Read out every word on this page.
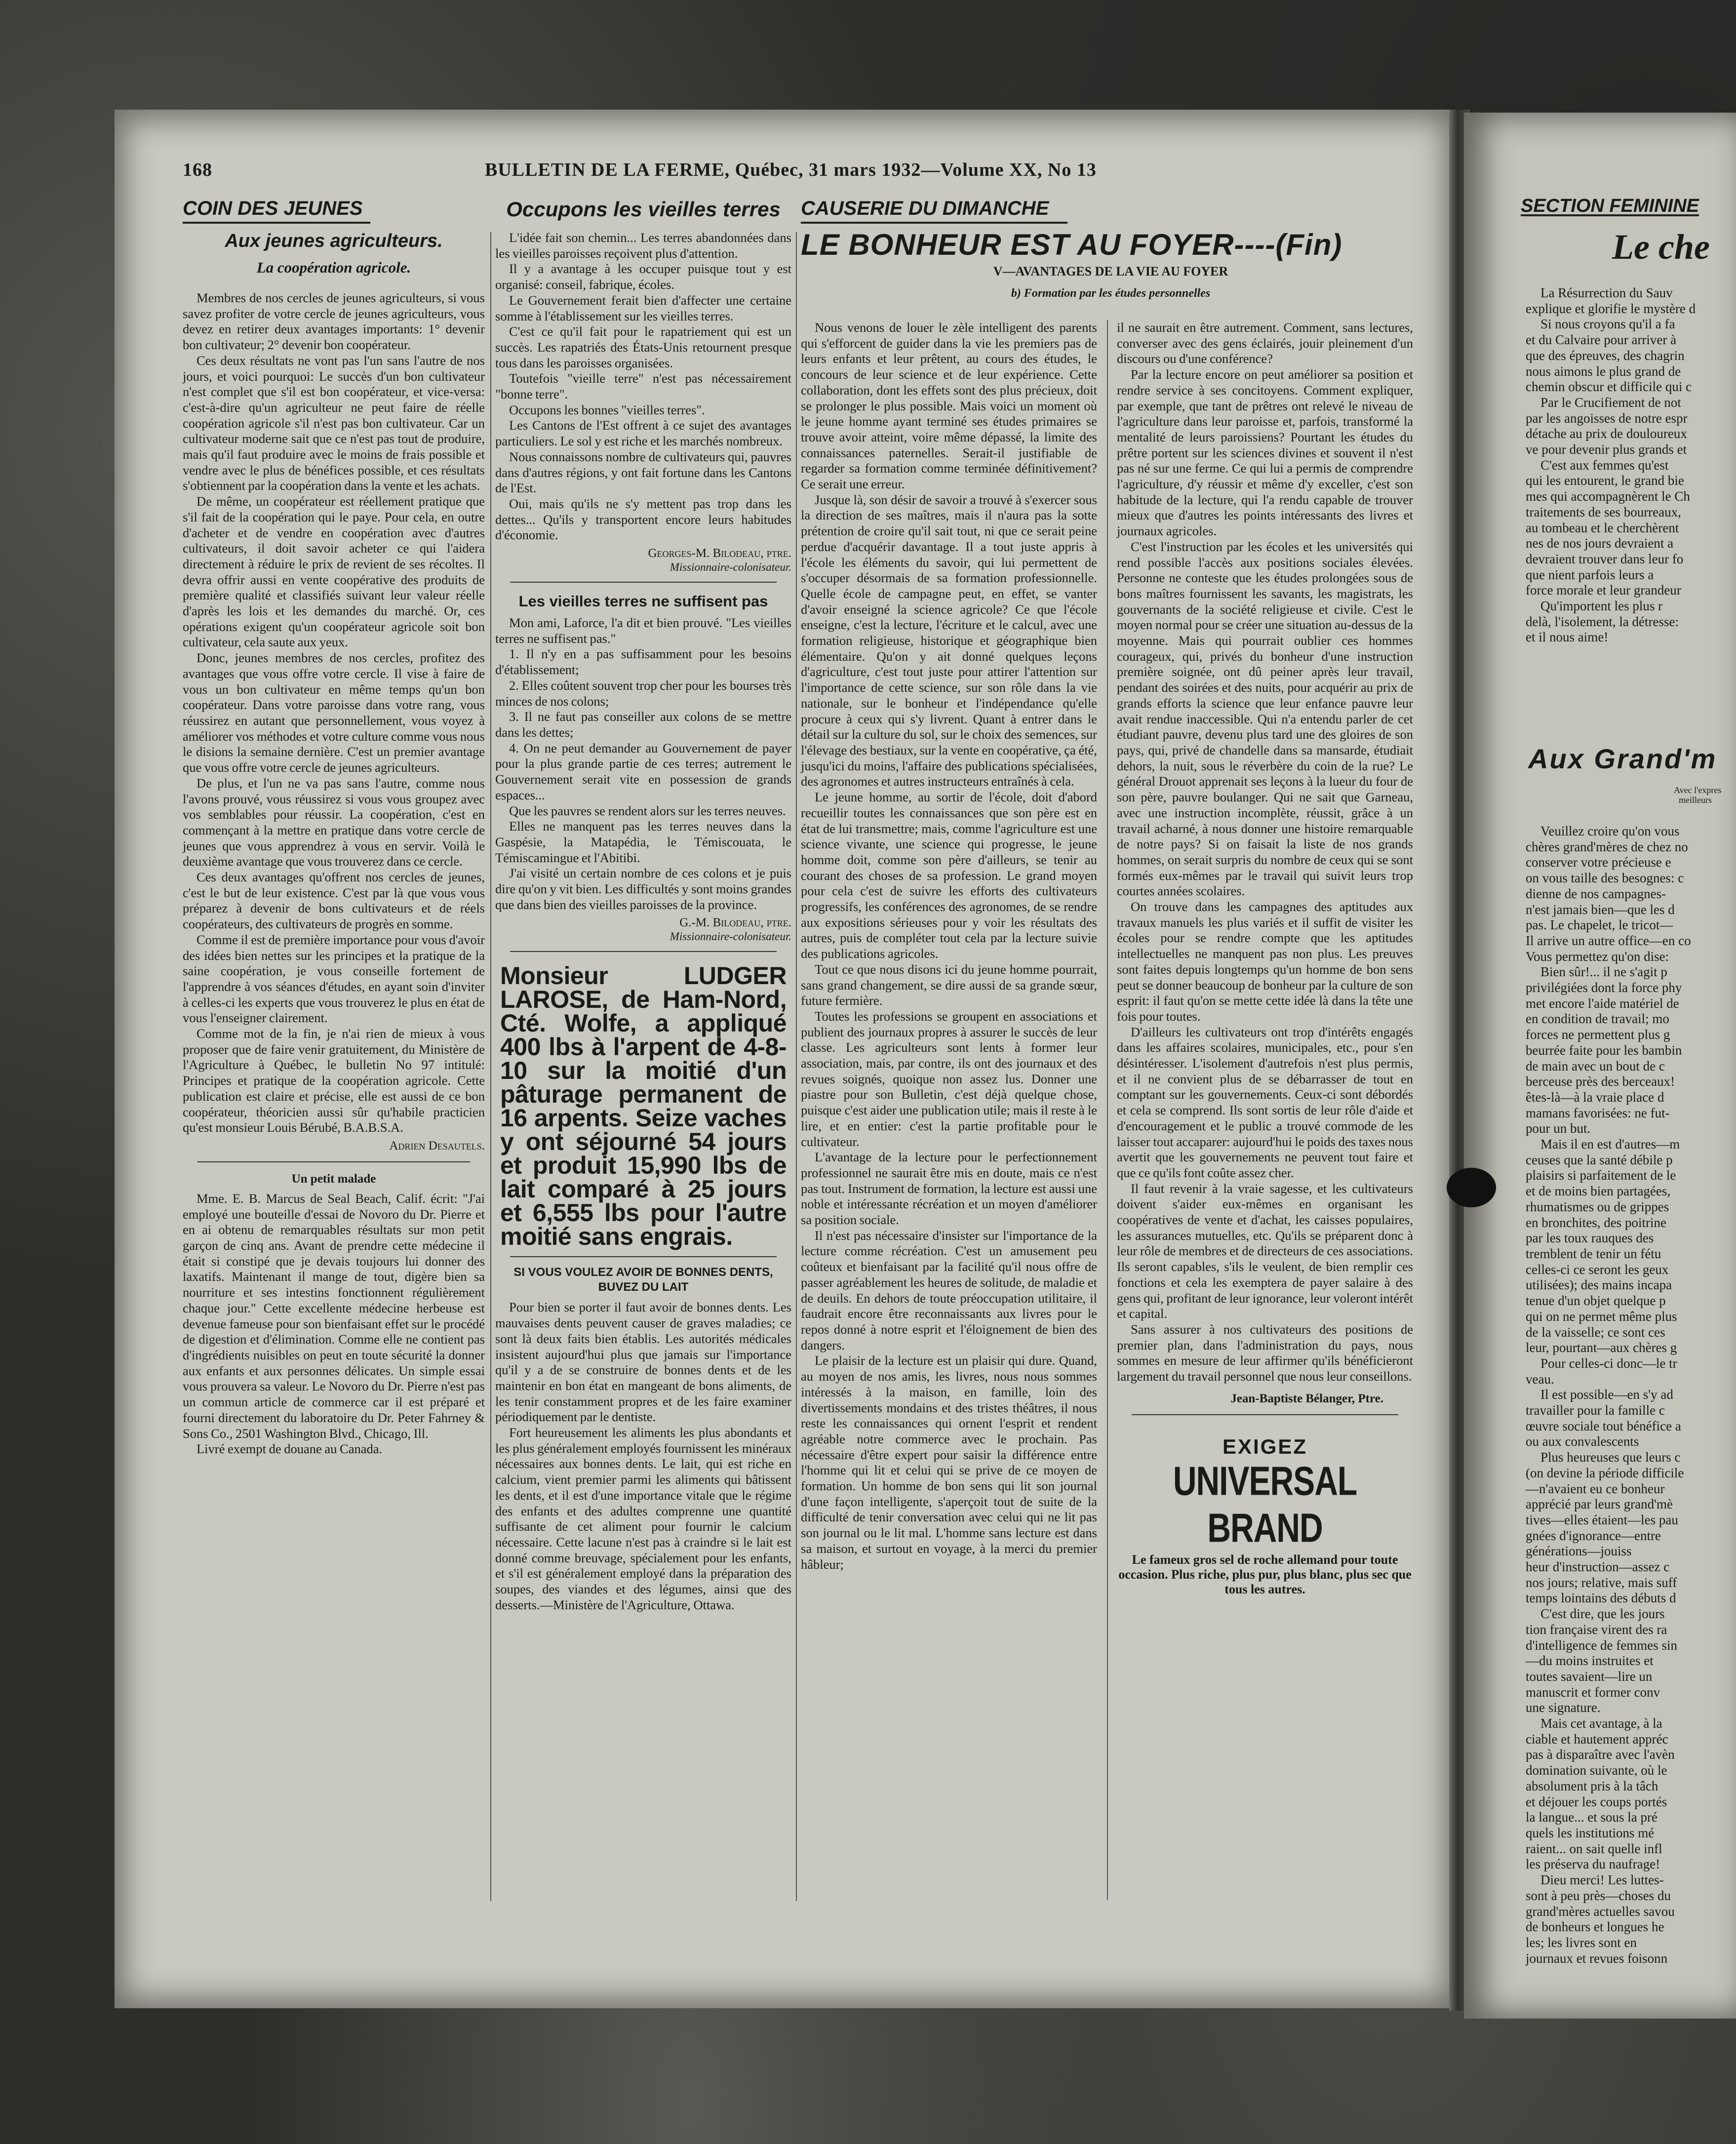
168	BULLETIN DE LA FERME, Québec, 31 mars 1932—Volume XX, No 13
COIN DES JEUNES
Aux jeunes agriculteurs.
La coopération agricole.

Membres de nos cercles de jeunes agriculteurs, si vous savez profiter de votre cercle de jeunes agriculteurs, vous devez en retirer deux avantages importants: 1° devenir bon cultivateur; 2° devenir bon coopérateur.

Ces deux résultats ne vont pas l'un sans l'autre de nos jours, et voici pourquoi: Le succès d'un bon cultivateur n'est complet que s'il est bon coopérateur, et vice-versa: c'est-à-dire qu'un agriculteur ne peut faire de réelle coopération agricole s'il n'est pas bon cultivateur. Car un cultivateur moderne sait que ce n'est pas tout de produire, mais qu'il faut produire avec le moins de frais possible et vendre avec le plus de bénéfices possible, et ces résultats s'obtiennent par la coopération dans la vente et les achats.

De même, un coopérateur est réellement pratique que s'il fait de la coopération qui le paye. Pour cela, en outre d'acheter et de vendre en coopération avec d'autres cultivateurs, il doit savoir acheter ce qui l'aidera directement à réduire le prix de revient de ses récoltes. Il devra offrir aussi en vente coopérative des produits de première qualité et classifiés suivant leur valeur réelle d'après les lois et les demandes du marché. Or, ces opérations exigent qu'un coopérateur agricole soit bon cultivateur, cela saute aux yeux.

Donc, jeunes membres de nos cercles, profitez des avantages que vous offre votre cercle. Il vise à faire de vous un bon cultivateur en même temps qu'un bon coopérateur. Dans votre paroisse dans votre rang, vous réussirez en autant que personnellement, vous voyez à améliorer vos méthodes et votre culture comme vous nous le disions la semaine dernière. C'est un premier avantage que vous offre votre cercle de jeunes agriculteurs.

De plus, et l'un ne va pas sans l'autre, comme nous l'avons prouvé, vous réussirez si vous vous groupez avec vos semblables pour réussir. La coopération, c'est en commençant à la mettre en pratique dans votre cercle de jeunes que vous apprendrez à vous en servir. Voilà le deuxième avantage que vous trouverez dans ce cercle.

Ces deux avantages qu'offrent nos cercles de jeunes, c'est le but de leur existence. C'est par là que vous vous préparez à devenir de bons cultivateurs et de réels coopérateurs, des cultivateurs de progrès en somme.

Comme il est de première importance pour vous d'avoir des idées bien nettes sur les principes et la pratique de la saine coopération, je vous conseille fortement de l'apprendre à vos séances d'études, en ayant soin d'inviter à celles-ci les experts que vous trouverez le plus en état de vous l'enseigner clairement.

Comme mot de la fin, je n'ai rien de mieux à vous proposer que de faire venir gratuitement, du Ministère de l'Agriculture à Québec, le bulletin No 97 intitulé: Principes et pratique de la coopération agricole. Cette publication est claire et précise, elle est aussi de ce bon coopérateur, théoricien aussi sûr qu'habile practicien qu'est monsieur Louis Bérubé, B.A.B.S.A.

Adrien Desautels.
Un petit malade

Mme. E. B. Marcus de Seal Beach, Calif. écrit: "J'ai employé une bouteille d'essai de Novoro du Dr. Pierre et en ai obtenu de remarquables résultats sur mon petit garçon de cinq ans. Avant de prendre cette médecine il était si constipé que je devais toujours lui donner des laxatifs. Maintenant il mange de tout, digère bien sa nourriture et ses intestins fonctionnent régulièrement chaque jour." Cette excellente médecine herbeuse est devenue fameuse pour son bienfaisant effet sur le procédé de digestion et d'élimination. Comme elle ne contient pas d'ingrédients nuisibles on peut en toute sécurité la donner aux enfants et aux personnes délicates. Un simple essai vous prouvera sa valeur. Le Novoro du Dr. Pierre n'est pas un commun article de commerce car il est préparé et fourni directement du laboratoire du Dr. Peter Fahrney & Sons Co., 2501 Washington Blvd., Chicago, Ill.

Livré exempt de douane au Canada.

Occupons les vieilles terres

L'idée fait son chemin... Les terres abandonnées dans les vieilles paroisses reçoivent plus d'attention.

Il y a avantage à les occuper puisque tout y est organisé: conseil, fabrique, écoles.

Le Gouvernement ferait bien d'affecter une certaine somme à l'établissement sur les vieilles terres.

C'est ce qu'il fait pour le rapatriement qui est un succès. Les rapatriés des États-Unis retournent presque tous dans les paroisses organisées.

Toutefois "vieille terre" n'est pas nécessairement "bonne terre".

Occupons les bonnes "vieilles terres".

Les Cantons de l'Est offrent à ce sujet des avantages particuliers. Le sol y est riche et les marchés nombreux.

Nous connaissons nombre de cultivateurs qui, pauvres dans d'autres régions, y ont fait fortune dans les Cantons de l'Est.

Oui, mais qu'ils ne s'y mettent pas trop dans les dettes... Qu'ils y transportent encore leurs habitudes d'économie.

Georges-M. Bilodeau, ptre.
Missionnaire-colonisateur.
Les vieilles terres ne suffisent pas

Mon ami, Laforce, l'a dit et bien prouvé. "Les vieilles terres ne suffisent pas."

1. Il n'y en a pas suffisamment pour les besoins d'établissement;

2. Elles coûtent souvent trop cher pour les bourses très minces de nos colons;

3. Il ne faut pas conseiller aux colons de se mettre dans les dettes;

4. On ne peut demander au Gouvernement de payer pour la plus grande partie de ces terres; autrement le Gouvernement serait vite en possession de grands espaces...

Que les pauvres se rendent alors sur les terres neuves.

Elles ne manquent pas les terres neuves dans la Gaspésie, la Matapédia, le Témiscouata, le Témiscamingue et l'Abitibi.

J'ai visité un certain nombre de ces colons et je puis dire qu'on y vit bien. Les difficultés y sont moins grandes que dans bien des vieilles paroisses de la province.

G.-M. Bilodeau, ptre.
Missionnaire-colonisateur.
Monsieur LUDGER LAROSE, de Ham-Nord, Cté. Wolfe, a appliqué 400 lbs à l'arpent de 4-8-10 sur la moitié d'un pâturage permanent de 16 arpents. Seize vaches y ont séjourné 54 jours et produit 15,990 lbs de lait comparé à 25 jours et 6,555 lbs pour l'autre moitié sans engrais.
SI VOUS VOULEZ AVOIR DE BONNES DENTS, BUVEZ DU LAIT

Pour bien se porter il faut avoir de bonnes dents. Les mauvaises dents peuvent causer de graves maladies; ce sont là deux faits bien établis. Les autorités médicales insistent aujourd'hui plus que jamais sur l'importance qu'il y a de se construire de bonnes dents et de les maintenir en bon état en mangeant de bons aliments, de les tenir constamment propres et de les faire examiner périodiquement par le dentiste.

Fort heureusement les aliments les plus abondants et les plus généralement employés fournissent les minéraux nécessaires aux bonnes dents. Le lait, qui est riche en calcium, vient premier parmi les aliments qui bâtissent les dents, et il est d'une importance vitale que le régime des enfants et des adultes comprenne une quantité suffisante de cet aliment pour fournir le calcium nécessaire. Cette lacune n'est pas à craindre si le lait est donné comme breuvage, spécialement pour les enfants, et s'il est généralement employé dans la préparation des soupes, des viandes et des légumes, ainsi que des desserts.—Ministère de l'Agriculture, Ottawa.

CAUSERIE DU DIMANCHE
LE BONHEUR EST AU FOYER----(Fin)
V—AVANTAGES DE LA VIE AU FOYER
b) Formation par les études personnelles

Nous venons de louer le zèle intelligent des parents qui s'efforcent de guider dans la vie les premiers pas de leurs enfants et leur prêtent, au cours des études, le concours de leur science et de leur expérience. Cette collaboration, dont les effets sont des plus précieux, doit se prolonger le plus possible. Mais voici un moment où le jeune homme ayant terminé ses études primaires se trouve avoir atteint, voire même dépassé, la limite des connaissances paternelles. Serait-il justifiable de regarder sa formation comme terminée définitivement? Ce serait une erreur.

Jusque là, son désir de savoir a trouvé à s'exercer sous la direction de ses maîtres, mais il n'aura pas la sotte prétention de croire qu'il sait tout, ni que ce serait peine perdue d'acquérir davantage. Il a tout juste appris à l'école les éléments du savoir, qui lui permettent de s'occuper désormais de sa formation professionnelle. Quelle école de campagne peut, en effet, se vanter d'avoir enseigné la science agricole? Ce que l'école enseigne, c'est la lecture, l'écriture et le calcul, avec une formation religieuse, historique et géographique bien élémentaire. Qu'on y ait donné quelques leçons d'agriculture, c'est tout juste pour attirer l'attention sur l'importance de cette science, sur son rôle dans la vie nationale, sur le bonheur et l'indépendance qu'elle procure à ceux qui s'y livrent. Quant à entrer dans le détail sur la culture du sol, sur le choix des semences, sur l'élevage des bestiaux, sur la vente en coopérative, ça été, jusqu'ici du moins, l'affaire des publications spécialisées, des agronomes et autres instructeurs entraînés à cela.

Le jeune homme, au sortir de l'école, doit d'abord recueillir toutes les connaissances que son père est en état de lui transmettre; mais, comme l'agriculture est une science vivante, une science qui progresse, le jeune homme doit, comme son père d'ailleurs, se tenir au courant des choses de sa profession. Le grand moyen pour cela c'est de suivre les efforts des cultivateurs progressifs, les conférences des agronomes, de se rendre aux expositions sérieuses pour y voir les résultats des autres, puis de compléter tout cela par la lecture suivie des publications agricoles.

Tout ce que nous disons ici du jeune homme pourrait, sans grand changement, se dire aussi de sa grande sœur, future fermière.

Toutes les professions se groupent en associations et publient des journaux propres à assurer le succès de leur classe. Les agriculteurs sont lents à former leur association, mais, par contre, ils ont des journaux et des revues soignés, quoique non assez lus. Donner une piastre pour son Bulletin, c'est déjà quelque chose, puisque c'est aider une publication utile; mais il reste à le lire, et en entier: c'est la partie profitable pour le cultivateur.

L'avantage de la lecture pour le perfectionnement professionnel ne saurait être mis en doute, mais ce n'est pas tout. Instrument de formation, la lecture est aussi une noble et intéressante récréation et un moyen d'améliorer sa position sociale.

Il n'est pas nécessaire d'insister sur l'importance de la lecture comme récréation. C'est un amusement peu coûteux et bienfaisant par la facilité qu'il nous offre de passer agréablement les heures de solitude, de maladie et de deuils. En dehors de toute préoccupation utilitaire, il faudrait encore être reconnaissants aux livres pour le repos donné à notre esprit et l'éloignement de bien des dangers.

Le plaisir de la lecture est un plaisir qui dure. Quand, au moyen de nos amis, les livres, nous nous sommes intéressés à la maison, en famille, loin des divertissements mondains et des tristes théâtres, il nous reste les connaissances qui ornent l'esprit et rendent agréable notre commerce avec le prochain. Pas nécessaire d'être expert pour saisir la différence entre l'homme qui lit et celui qui se prive de ce moyen de formation. Un homme de bon sens qui lit son journal d'une façon intelligente, s'aperçoit tout de suite de la difficulté de tenir conversation avec celui qui ne lit pas son journal ou le lit mal. L'homme sans lecture est dans sa maison, et surtout en voyage, à la merci du premier hâbleur;

il ne saurait en être autrement. Comment, sans lectures, converser avec des gens éclairés, jouir pleinement d'un discours ou d'une conférence?

Par la lecture encore on peut améliorer sa position et rendre service à ses concitoyens. Comment expliquer, par exemple, que tant de prêtres ont relevé le niveau de l'agriculture dans leur paroisse et, parfois, transformé la mentalité de leurs paroissiens? Pourtant les études du prêtre portent sur les sciences divines et souvent il n'est pas né sur une ferme. Ce qui lui a permis de comprendre l'agriculture, d'y réussir et même d'y exceller, c'est son habitude de la lecture, qui l'a rendu capable de trouver mieux que d'autres les points intéressants des livres et journaux agricoles.

C'est l'instruction par les écoles et les universités qui rend possible l'accès aux positions sociales élevées. Personne ne conteste que les études prolongées sous de bons maîtres fournissent les savants, les magistrats, les gouvernants de la société religieuse et civile. C'est le moyen normal pour se créer une situation au-dessus de la moyenne. Mais qui pourrait oublier ces hommes courageux, qui, privés du bonheur d'une instruction première soignée, ont dû peiner après leur travail, pendant des soirées et des nuits, pour acquérir au prix de grands efforts la science que leur enfance pauvre leur avait rendue inaccessible. Qui n'a entendu parler de cet étudiant pauvre, devenu plus tard une des gloires de son pays, qui, privé de chandelle dans sa mansarde, étudiait dehors, la nuit, sous le réverbère du coin de la rue? Le général Drouot apprenait ses leçons à la lueur du four de son père, pauvre boulanger. Qui ne sait que Garneau, avec une instruction incomplète, réussit, grâce à un travail acharné, à nous donner une histoire remarquable de notre pays? Si on faisait la liste de nos grands hommes, on serait surpris du nombre de ceux qui se sont formés eux-mêmes par le travail qui suivit leurs trop courtes années scolaires.

On trouve dans les campagnes des aptitudes aux travaux manuels les plus variés et il suffit de visiter les écoles pour se rendre compte que les aptitudes intellectuelles ne manquent pas non plus. Les preuves sont faites depuis longtemps qu'un homme de bon sens peut se donner beaucoup de bonheur par la culture de son esprit: il faut qu'on se mette cette idée là dans la tête une fois pour toutes.

D'ailleurs les cultivateurs ont trop d'intérêts engagés dans les affaires scolaires, municipales, etc., pour s'en désintéresser. L'isolement d'autrefois n'est plus permis, et il ne convient plus de se débarrasser de tout en comptant sur les gouvernements. Ceux-ci sont débordés et cela se comprend. Ils sont sortis de leur rôle d'aide et d'encouragement et le public a trouvé commode de les laisser tout accaparer: aujourd'hui le poids des taxes nous avertit que les gouvernements ne peuvent tout faire et que ce qu'ils font coûte assez cher.

Il faut revenir à la vraie sagesse, et les cultivateurs doivent s'aider eux-mêmes en organisant les coopératives de vente et d'achat, les caisses populaires, les assurances mutuelles, etc. Qu'ils se préparent donc à leur rôle de membres et de directeurs de ces associations. Ils seront capables, s'ils le veulent, de bien remplir ces fonctions et cela les exemptera de payer salaire à des gens qui, profitant de leur ignorance, leur voleront intérêt et capital.

Sans assurer à nos cultivateurs des positions de premier plan, dans l'administration du pays, nous sommes en mesure de leur affirmer qu'ils bénéficieront largement du travail personnel que nous leur conseillons.

Jean-Baptiste Bélanger, Ptre.
EXIGEZ
UNIVERSAL BRAND
Le fameux gros sel de roche allemand pour toute occasion. Plus riche, plus pur, plus blanc, plus sec que tous les autres.
SECTION FEMININE
Le che
La Résurrection du Sauv
explique et glorifie le mystère d
Si nous croyons qu'il a fa
et du Calvaire pour arriver à
que des épreuves, des chagrin
nous aimons le plus grand de
chemin obscur et difficile qui c
Par le Crucifiement de not
par les angoisses de notre espr
détache au prix de douloureux
ve pour devenir plus grands et
C'est aux femmes qu'est
qui les entourent, le grand bie
mes qui accompagnèrent le Ch
traitements de ses bourreaux,
au tombeau et le cherchèrent
nes de nos jours devraient a
devraient trouver dans leur fo
que nient parfois leurs a
force morale et leur grandeur
Qu'importent les plus r
delà, l'isolement, la détresse:
et il nous aime!
Aux Grand'm
Avec l'expres
meilleurs
Veuillez croire qu'on vous
chères grand'mères de chez no
conserver votre précieuse e
on vous taille des besognes: c
dienne de nos campagnes-
n'est jamais bien—que les d
pas. Le chapelet, le tricot—
Il arrive un autre office—en co
Vous permettez qu'on dise:
Bien sûr!... il ne s'agit p
privilégiées dont la force phy
met encore l'aide matériel de
en condition de travail; mo
forces ne permettent plus g
beurrée faite pour les bambin
de main avec un bout de c
berceuse près des berceaux!
êtes-là—à la vraie place d
mamans favorisées: ne fut-
pour un but.
Mais il en est d'autres—m
ceuses que la santé débile p
plaisirs si parfaitement de le
et de moins bien partagées,
rhumatismes ou de grippes
en bronchites, des poitrine
par les toux rauques des
tremblent de tenir un fétu
celles-ci ce seront les geux
utilisées); des mains incapa
tenue d'un objet quelque p
qui on ne permet même plus
de la vaisselle; ce sont ces
leur, pourtant—aux chères g
Pour celles-ci donc—le tr
veau.
Il est possible—en s'y ad
travailler pour la famille c
œuvre sociale tout bénéfice a
ou aux convalescents
Plus heureuses que leurs c
(on devine la période difficile
—n'avaient eu ce bonheur
apprécié par leurs grand'mè
tives—elles étaient—les pau
gnées d'ignorance—entre
générations—jouiss
heur d'instruction—assez c
nos jours; relative, mais suff
temps lointains des débuts d
C'est dire, que les jours
tion française virent des ra
d'intelligence de femmes sin
—du moins instruites et
toutes savaient—lire un
manuscrit et former conv
une signature.
Mais cet avantage, à la
ciable et hautement appréc
pas à disparaître avec l'avèn
domination suivante, où le
absolument pris à la tâch
et déjouer les coups portés
la langue... et sous la pré
quels les institutions mé
raient... on sait quelle infl
les préserva du naufrage!
Dieu merci! Les luttes-
sont à peu près—choses du
grand'mères actuelles savou
de bonheurs et longues he
les; les livres sont en
journaux et revues foisonn
